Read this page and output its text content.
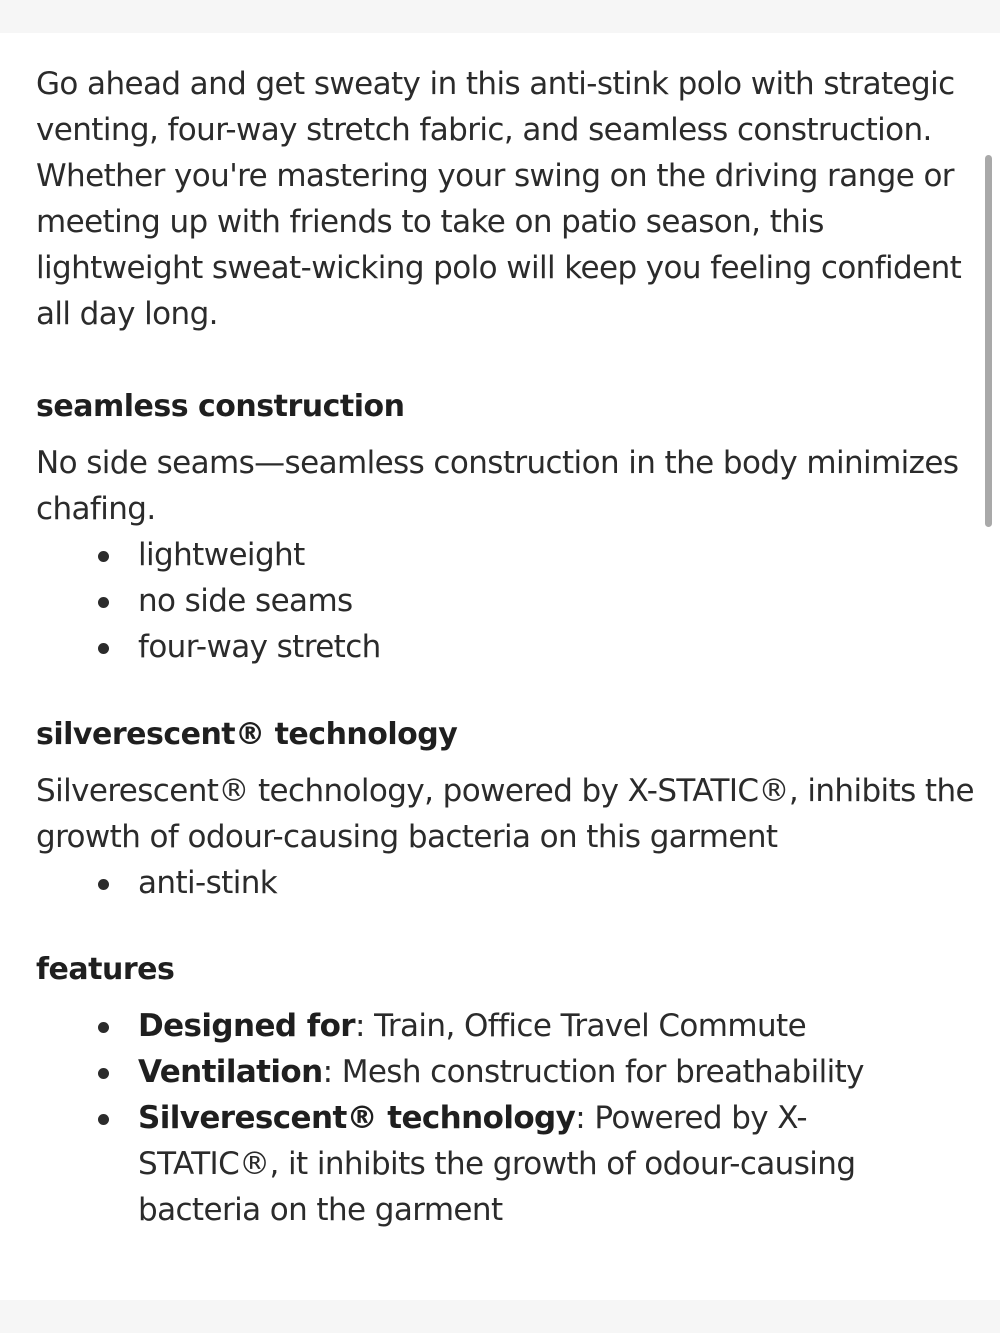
Go ahead and get sweaty in this anti-stink polo with strategic venting, four-way stretch fabric, and seamless construction. Whether you're mastering your swing on the driving range or meeting up with friends to take on patio season, this lightweight sweat-wicking polo will keep you feeling confident all day long.

seamless construction

No side seams—seamless construction in the body minimizes chafing.

lightweight
no side seams
four-way stretch
silverescent® technology

Silverescent® technology, powered by X-STATIC®, inhibits the growth of odour-causing bacteria on this garment

anti-stink
features
Designed for: Train, Office Travel Commute
Ventilation: Mesh construction for breathability
Silverescent® technology: Powered by X-STATIC®, it inhibits the growth of odour-causing bacteria on the garment
